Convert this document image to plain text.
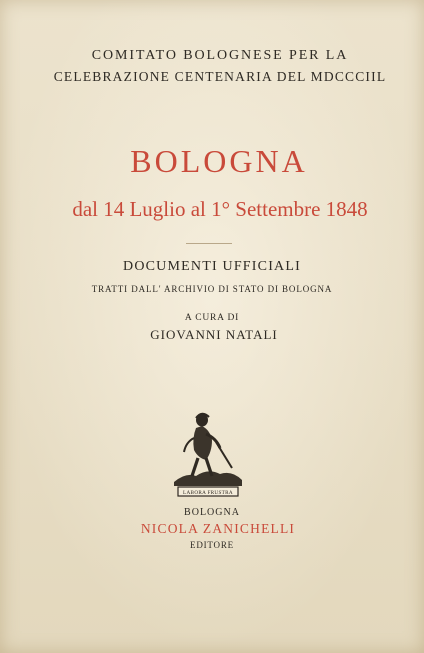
COMITATO BOLOGNESE PER LA
CELEBRAZIONE CENTENARIA DEL MDCCCIIL
BOLOGNA
dal 14 Luglio al 1° Settembre 1848
DOCUMENTI UFFICIALI
TRATTI DALL' ARCHIVIO DI STATO DI BOLOGNA
A CURA DI
GIOVANNI NATALI
LABORA FRUSTRA
BOLOGNA
NICOLA ZANICHELLI
EDITORE
